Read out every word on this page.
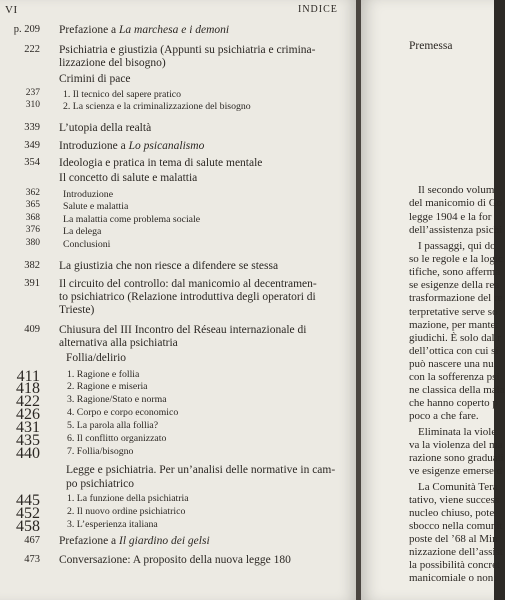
VI	INDICE
p. 209 Prefazione a La marchesa e i demoni
222 Psichiatria e giustizia (Appunti su psichiatria e crimina-
lizzazione del bisogno)
Crimini di pace
237 1. Il tecnico del sapere pratico
310 2. La scienza e la criminalizzazione del bisogno
339 L’utopia della realtà
349 Introduzione a Lo psicanalismo
354 Ideologia e pratica in tema di salute mentale
Il concetto di salute e malattia
362 Introduzione
365 Salute e malattia
368 La malattia come problema sociale
376 La delega
380 Conclusioni
382 La giustizia che non riesce a difendere se stessa
391 Il circuito del controllo: dal manicomio al decentramen-
to psichiatrico (Relazione introduttiva degli operatori di
Trieste)
409 Chiusura del III Incontro del Réseau internazionale di
alternativa alla psichiatria
Follia/delirio
411	1. Ragione e follia
418	2. Ragione e miseria
422	3. Ragione/Stato e norma
426	4. Corpo e corpo economico
431	5. La parola alla follia?
435	6. Il conflitto organizzato
440	7. Follia/bisogno
Legge e psichiatria. Per un’analisi delle normative in cam-
po psichiatrico
445	1. La funzione della psichiatria
452	2. Il nuovo ordine psichiatrico
458	3. L’esperienza italiana
467 Prefazione a Il giardino dei gelsi
473 Conversazione: A proposito della nuova legge 180
Premessa
Il secondo volum
del manicomio di Go
legge 1904 e la for
dell’assistenza psichi
I passaggi, qui do
so le regole e la logic
tifiche, sono afferma
se esigenze della rea
trasformazione del re
terpretative serve so
mazione, per manter
giudichi. È solo dal r
dell’ottica con cui si
può nascere una nu
con la sofferenza psi
ne classica della mala
che hanno coperto p
poco a che fare.
Eliminata la viole
va la violenza del ma
razione sono graduali
ve esigenze emerse d
La Comunità Tera
tativo, viene success
nucleo chiuso, pote
sbocco nella comunit
poste del ’68 al Min
nizzazione dell’assist
la possibilità concret
manicomiale o non:
